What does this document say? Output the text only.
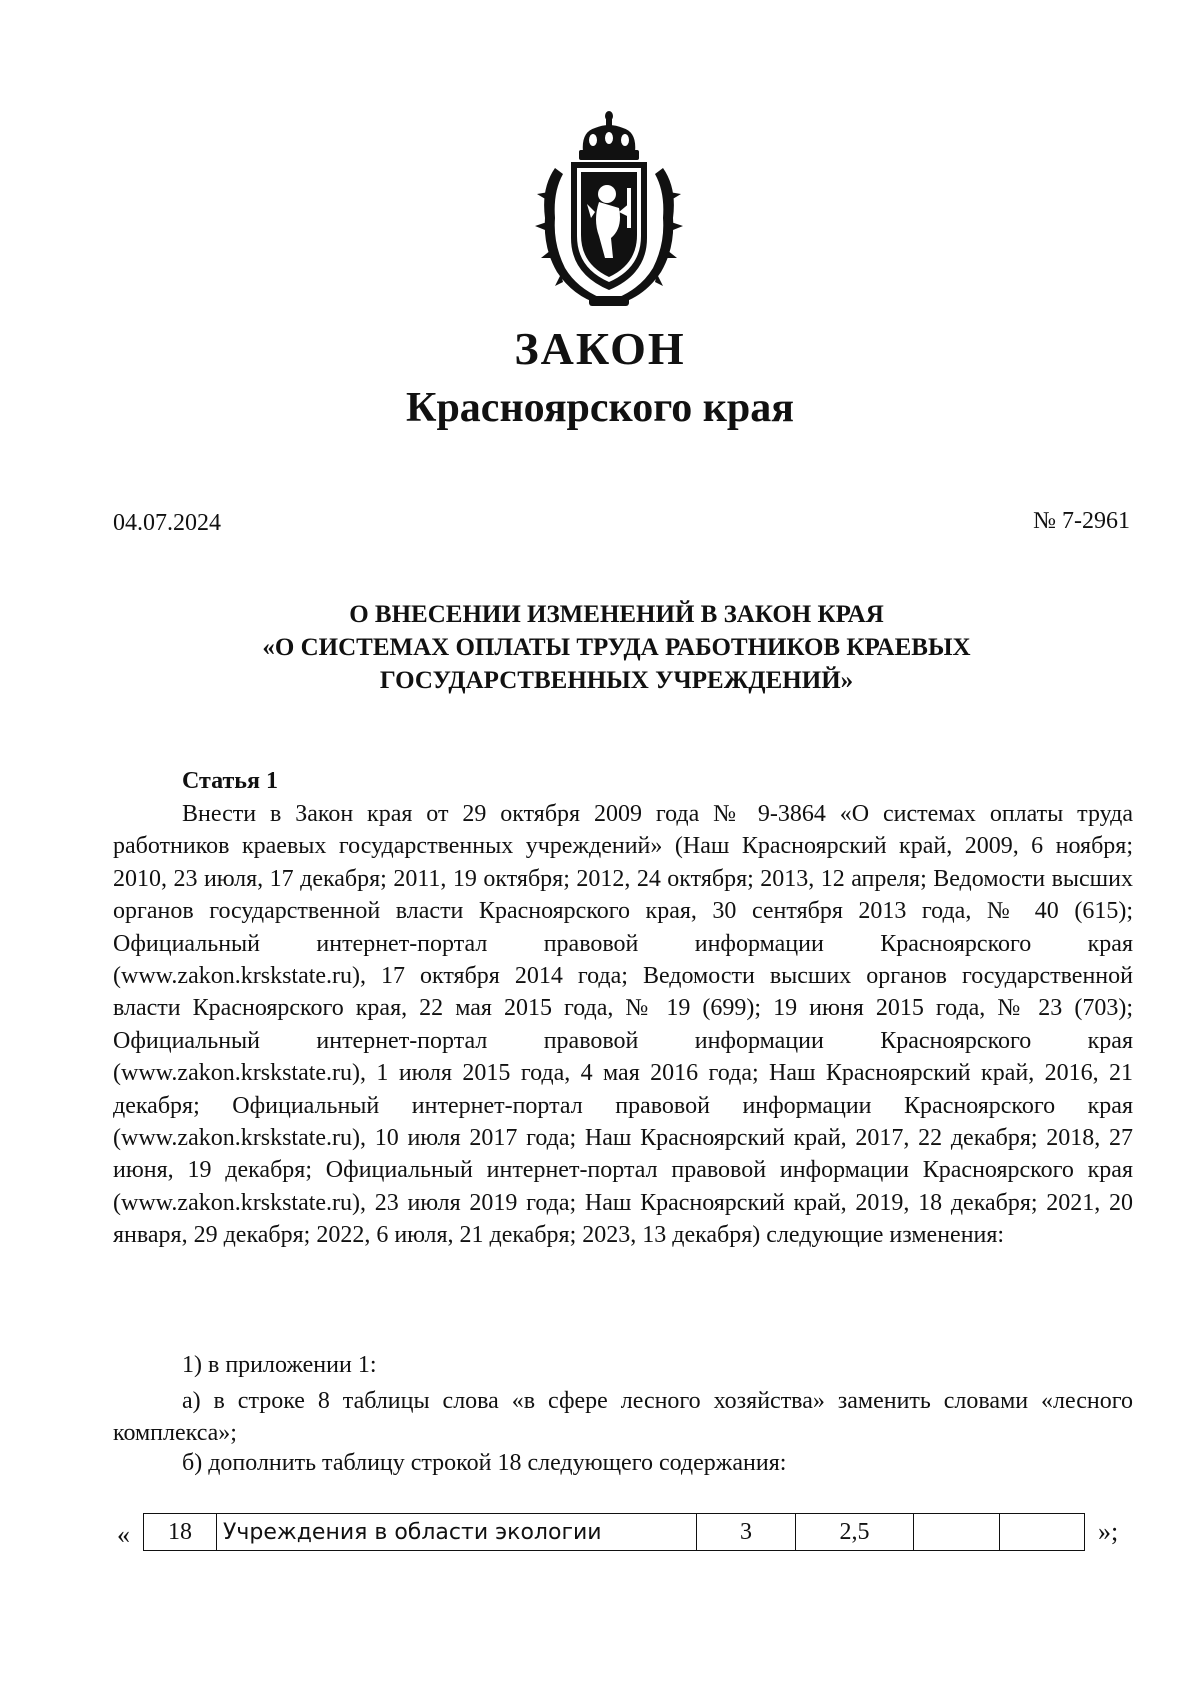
ЗАКОН
Красноярского края
04.07.2024	№ 7-2961
О ВНЕСЕНИИ ИЗМЕНЕНИЙ В ЗАКОН КРАЯ
«О СИСТЕМАХ ОПЛАТЫ ТРУДА РАБОТНИКОВ КРАЕВЫХ
ГОСУДАРСТВЕННЫХ УЧРЕЖДЕНИЙ»
Статья 1

Внести в Закон края от 29 октября 2009 года № 9-3864 «О системах оплаты труда работников краевых государственных учреждений» (Наш Красноярский край, 2009, 6 ноября; 2010, 23 июля, 17 декабря; 2011, 19 октября; 2012, 24 октября; 2013, 12 апреля; Ведомости высших органов государственной власти Красноярского края, 30 сентября 2013 года, № 40 (615); Официальный интернет-портал правовой информации Красноярского края (www.zakon.krskstate.ru), 17 октября 2014 года; Ведомости высших органов государственной власти Красноярского края, 22 мая 2015 года, № 19 (699); 19 июня 2015 года, № 23 (703); Официальный интернет-портал правовой информации Красноярского края (www.zakon.krskstate.ru), 1 июля 2015 года, 4 мая 2016 года; Наш Красноярский край, 2016, 21 декабря; Официальный интернет-портал правовой информации Красноярского края (www.zakon.krskstate.ru), 10 июля 2017 года; Наш Красноярский край, 2017, 22 декабря; 2018, 27 июня, 19 декабря; Официальный интернет-портал правовой информации Красноярского края (www.zakon.krskstate.ru), 23 июля 2019 года; Наш Красноярский край, 2019, 18 декабря; 2021, 20 января, 29 декабря; 2022, 6 июля, 21 декабря; 2023, 13 декабря) следующие изменения:

1) в приложении 1:

а) в строке 8 таблицы слова «в сфере лесного хозяйства» заменить словами «лесного комплекса»;

б) дополнить таблицу строкой 18 следующего содержания:
« 18	Учреждения в области экологии	3	2,5			»;
